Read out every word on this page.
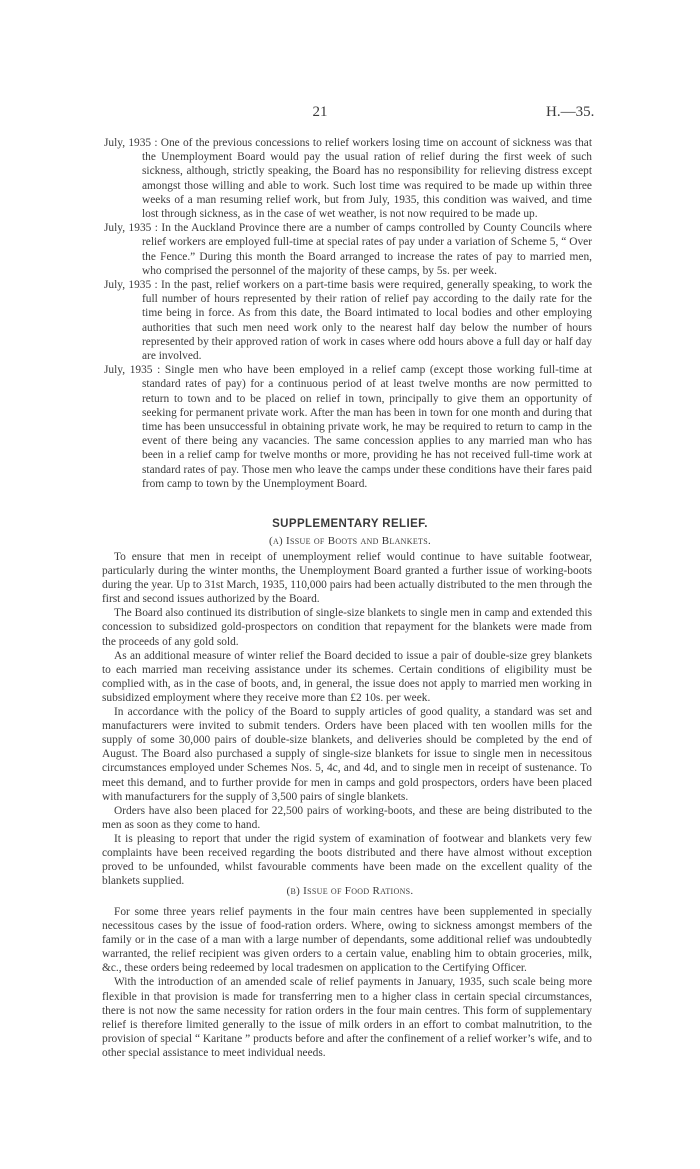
21	H.—35.

July, 1935 : One of the previous concessions to relief workers losing time on account of sickness was that the Unemployment Board would pay the usual ration of relief during the first week of such sickness, although, strictly speaking, the Board has no responsibility for relieving distress except amongst those willing and able to work. Such lost time was required to be made up within three weeks of a man resuming relief work, but from July, 1935, this condition was waived, and time lost through sickness, as in the case of wet weather, is not now required to be made up.

July, 1935 : In the Auckland Province there are a number of camps controlled by County Councils where relief workers are employed full-time at special rates of pay under a variation of Scheme 5, “ Over the Fence.” During this month the Board arranged to increase the rates of pay to married men, who comprised the personnel of the majority of these camps, by 5s. per week.

July, 1935 : In the past, relief workers on a part-time basis were required, generally speaking, to work the full number of hours represented by their ration of relief pay according to the daily rate for the time being in force. As from this date, the Board intimated to local bodies and other employing authorities that such men need work only to the nearest half day below the number of hours represented by their approved ration of work in cases where odd hours above a full day or half day are involved.

July, 1935 : Single men who have been employed in a relief camp (except those working full-time at standard rates of pay) for a continuous period of at least twelve months are now permitted to return to town and to be placed on relief in town, principally to give them an opportunity of seeking for permanent private work. After the man has been in town for one month and during that time has been unsuccessful in obtaining private work, he may be required to return to camp in the event of there being any vacancies. The same concession applies to any married man who has been in a relief camp for twelve months or more, providing he has not received full-time work at standard rates of pay. Those men who leave the camps under these conditions have their fares paid from camp to town by the Unemployment Board.

SUPPLEMENTARY RELIEF.
(a) Issue of Boots and Blankets.

To ensure that men in receipt of unemployment relief would continue to have suitable footwear, particularly during the winter months, the Unemployment Board granted a further issue of working-boots during the year. Up to 31st March, 1935, 110,000 pairs had been actually distributed to the men through the first and second issues authorized by the Board.

The Board also continued its distribution of single-size blankets to single men in camp and extended this concession to subsidized gold-prospectors on condition that repayment for the blankets were made from the proceeds of any gold sold.

As an additional measure of winter relief the Board decided to issue a pair of double-size grey blankets to each married man receiving assistance under its schemes. Certain conditions of eligibility must be complied with, as in the case of boots, and, in general, the issue does not apply to married men working in subsidized employment where they receive more than £2 10s. per week.

In accordance with the policy of the Board to supply articles of good quality, a standard was set and manufacturers were invited to submit tenders. Orders have been placed with ten woollen mills for the supply of some 30,000 pairs of double-size blankets, and deliveries should be completed by the end of August. The Board also purchased a supply of single-size blankets for issue to single men in necessitous circumstances employed under Schemes Nos. 5, 4c, and 4d, and to single men in receipt of sustenance. To meet this demand, and to further provide for men in camps and gold prospectors, orders have been placed with manufacturers for the supply of 3,500 pairs of single blankets.

Orders have also been placed for 22,500 pairs of working-boots, and these are being distributed to the men as soon as they come to hand.

It is pleasing to report that under the rigid system of examination of footwear and blankets very few complaints have been received regarding the boots distributed and there have almost without exception proved to be unfounded, whilst favourable comments have been made on the excellent quality of the blankets supplied.

(b) Issue of Food Rations.

For some three years relief payments in the four main centres have been supplemented in specially necessitous cases by the issue of food-ration orders. Where, owing to sickness amongst members of the family or in the case of a man with a large number of dependants, some additional relief was undoubtedly warranted, the relief recipient was given orders to a certain value, enabling him to obtain groceries, milk, &c., these orders being redeemed by local tradesmen on application to the Certifying Officer.

With the introduction of an amended scale of relief payments in January, 1935, such scale being more flexible in that provision is made for transferring men to a higher class in certain special circumstances, there is not now the same necessity for ration orders in the four main centres. This form of supplementary relief is therefore limited generally to the issue of milk orders in an effort to combat malnutrition, to the provision of special “ Karitane ” products before and after the confinement of a relief worker’s wife, and to other special assistance to meet individual needs.
